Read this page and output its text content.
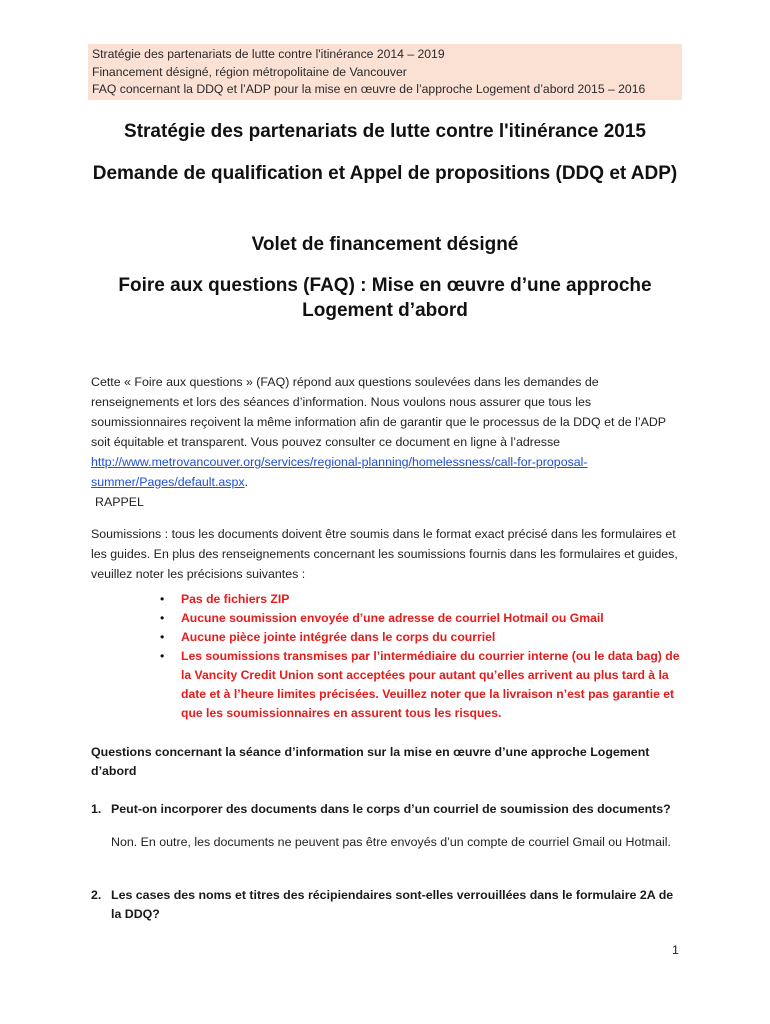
Stratégie des partenariats de lutte contre l'itinérance 2014 – 2019
Financement désigné, région métropolitaine de Vancouver
FAQ concernant la DDQ et l’ADP pour la mise en œuvre de l’approche Logement d’abord 2015 – 2016
Stratégie des partenariats de lutte contre l'itinérance 2015
Demande de qualification et Appel de propositions (DDQ et ADP)
Volet de financement désigné
Foire aux questions (FAQ) : Mise en œuvre d’une approche Logement d’abord
Cette « Foire aux questions » (FAQ) répond aux questions soulevées dans les demandes de renseignements et lors des séances d’information. Nous voulons nous assurer que tous les soumissionnaires reçoivent la même information afin de garantir que le processus de la DDQ et de l’ADP soit équitable et transparent. Vous pouvez consulter ce document en ligne à l’adresse http://www.metrovancouver.org/services/regional-planning/homelessness/call-for-proposal-summer/Pages/default.aspx.
RAPPEL
Soumissions : tous les documents doivent être soumis dans le format exact précisé dans les formulaires et les guides. En plus des renseignements concernant les soumissions fournis dans les formulaires et guides, veuillez noter les précisions suivantes :
• Pas de fichiers ZIP
• Aucune soumission envoyée d’une adresse de courriel Hotmail ou Gmail
• Aucune pièce jointe intégrée dans le corps du courriel
• Les soumissions transmises par l’intermédiaire du courrier interne (ou le data bag) de la Vancity Credit Union sont acceptées pour autant qu’elles arrivent au plus tard à la date et à l’heure limites précisées. Veuillez noter que la livraison n’est pas garantie et que les soumissionnaires en assurent tous les risques.
Questions concernant la séance d’information sur la mise en œuvre d’une approche Logement d’abord
1. Peut-on incorporer des documents dans le corps d’un courriel de soumission des documents?
Non. En outre, les documents ne peuvent pas être envoyés d’un compte de courriel Gmail ou Hotmail.
2. Les cases des noms et titres des récipiendaires sont-elles verrouillées dans le formulaire 2A de la DDQ?
1
